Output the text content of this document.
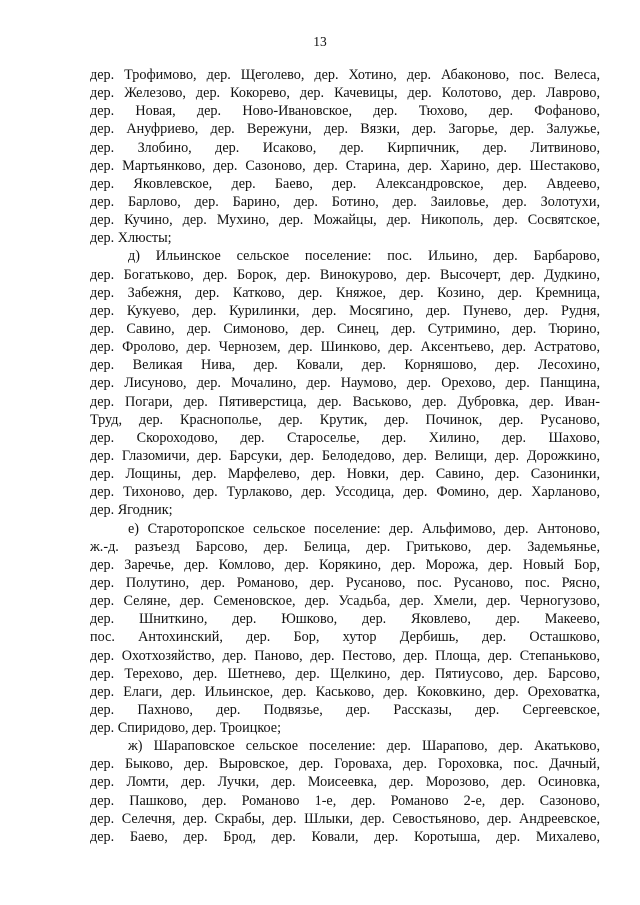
13
дер. Трофимово, дер. Щеголево, дер. Хотино, дер. Абаконово, пос. Велеса,
дер. Железово, дер. Кокорево, дер. Качевицы, дер. Колотово, дер. Лаврово,
дер. Новая, дер. Ново-Ивановское, дер. Тюхово, дер. Фофаново,
дер. Ануфриево, дер. Вережуни, дер. Вязки, дер. Загорье, дер. Залужье,
дер. Злобино, дер. Исаково, дер. Кирпичник, дер. Литвиново,
дер. Мартьянково, дер. Сазоново, дер. Старина, дер. Харино, дер. Шестаково,
дер. Яковлевское, дер. Баево, дер. Александровское, дер. Авдеево,
дер. Барлово, дер. Барино, дер. Ботино, дер. Заиловье, дер. Золотухи,
дер. Кучино, дер. Мухино, дер. Можайцы, дер. Никополь, дер. Сосвятское,
дер. Хлюсты;
д) Ильинское сельское поселение: пос. Ильино, дер. Барбарово,
дер. Богатьково, дер. Борок, дер. Винокурово, дер. Высочерт, дер. Дудкино,
дер. Забежня, дер. Катково, дер. Княжое, дер. Козино, дер. Кремница,
дер. Кукуево, дер. Курилинки, дер. Мосягино, дер. Пунево, дер. Рудня,
дер. Савино, дер. Симоново, дер. Синец, дер. Сутримино, дер. Тюрино,
дер. Фролово, дер. Чернозем, дер. Шинково, дер. Аксентьево, дер. Астратово,
дер. Великая Нива, дер. Ковали, дер. Корняшово, дер. Лесохино,
дер. Лисуново, дер. Мочалино, дер. Наумово, дер. Орехово, дер. Панщина,
дер. Погари, дер. Пятиверстица, дер. Васьково, дер. Дубровка, дер. Иван-
Труд, дер. Краснополье, дер. Крутик, дер. Починок, дер. Русаново,
дер. Скороходово, дер. Староселье, дер. Хилино, дер. Шахово,
дер. Глазомичи, дер. Барсуки, дер. Белодедово, дер. Велищи, дер. Дорожкино,
дер. Лощины, дер. Марфелево, дер. Новки, дер. Савино, дер. Сазонинки,
дер. Тихоново, дер. Турлаково, дер. Уссодица, дер. Фомино, дер. Харланово,
дер. Ягодник;
е) Староторопское сельское поселение: дер. Альфимово, дер. Антоново,
ж.-д. разъезд Барсово, дер. Белица, дер. Гритьково, дер. Задемьянье,
дер. Заречье, дер. Комлово, дер. Корякино, дер. Морожа, дер. Новый Бор,
дер. Полутино, дер. Романово, дер. Русаново, пос. Русаново, пос. Рясно,
дер. Селяне, дер. Семеновское, дер. Усадьба, дер. Хмели, дер. Черногузово,
дер. Шниткино, дер. Юшково, дер. Яковлево, дер. Макеево,
пос. Антохинский, дер. Бор, хутор Дербишь, дер. Осташково,
дер. Охотхозяйство, дер. Паново, дер. Пестово, дер. Площа, дер. Степаньково,
дер. Терехово, дер. Шетнево, дер. Щелкино, дер. Пятиусово, дер. Барсово,
дер. Елаги, дер. Ильинское, дер. Каськово, дер. Коковкино, дер. Ореховатка,
дер. Пахново, дер. Подвязье, дер. Рассказы, дер. Сергеевское,
дер. Спиридово, дер. Троицкое;
ж) Шараповское сельское поселение: дер. Шарапово, дер. Акатьково,
дер. Быково, дер. Выровское, дер. Гороваха, дер. Гороховка, пос. Дачный,
дер. Ломти, дер. Лучки, дер. Моисеевка, дер. Морозово, дер. Осиновка,
дер. Пашково, дер. Романово 1-е, дер. Романово 2-е, дер. Сазоново,
дер. Селечня, дер. Скрабы, дер. Шлыки, дер. Севостьяново, дер. Андреевское,
дер. Баево, дер. Брод, дер. Ковали, дер. Коротыша, дер. Михалево,
